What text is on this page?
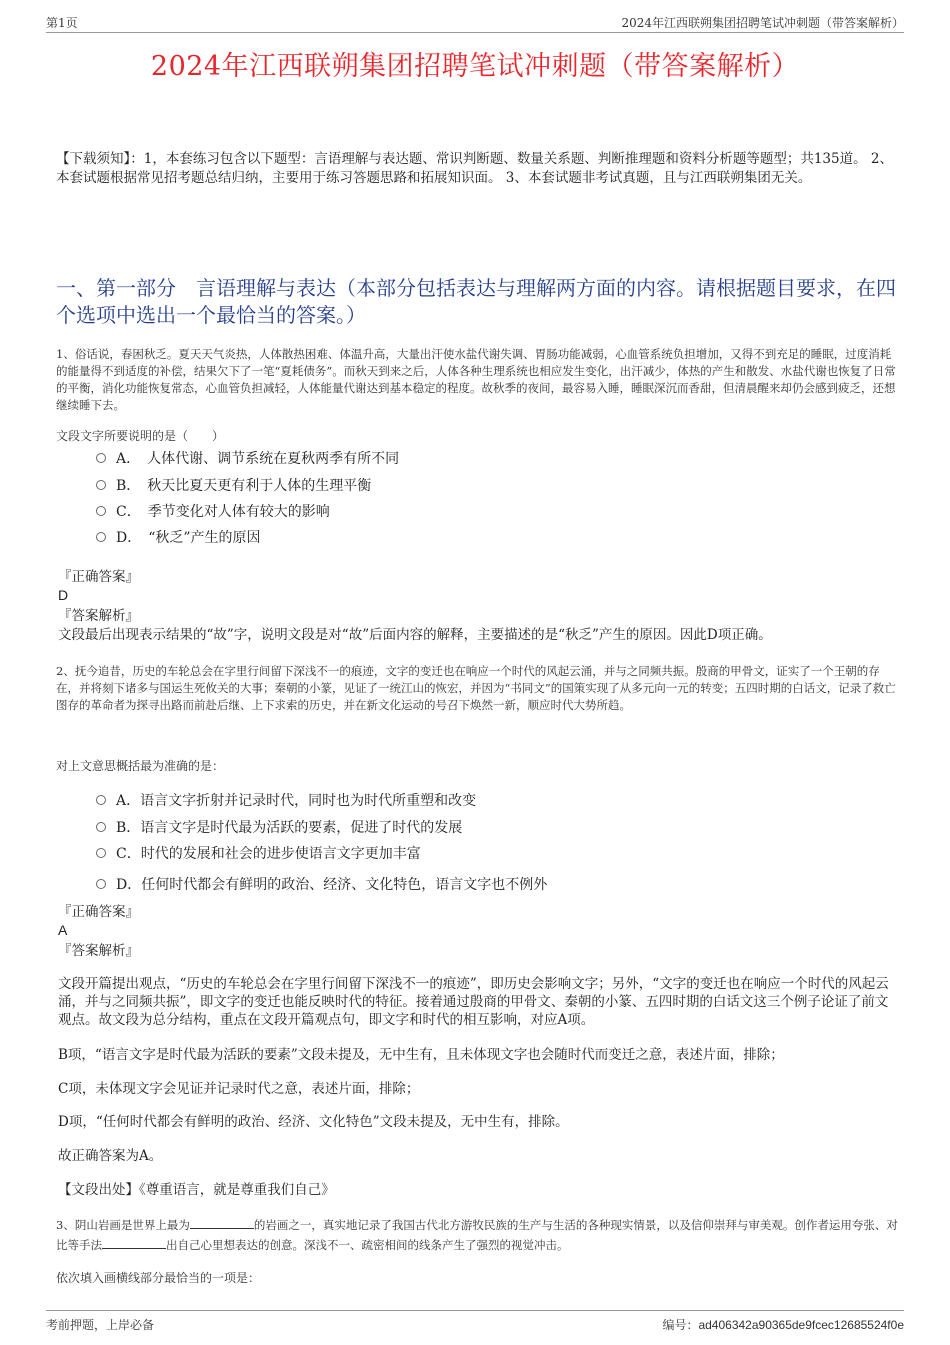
第1页	2024年江西联朔集团招聘笔试冲刺题（带答案解析）
2024年江西联朔集团招聘笔试冲刺题（带答案解析）
【下载须知】：1，本套练习包含以下题型：言语理解与表达题、常识判断题、数量关系题、判断推理题和资料分析题等题型；共135道。 2、本套试题根据常见招考题总结归纳，主要用于练习答题思路和拓展知识面。 3、本套试题非考试真题，且与江西联朔集团无关。
一、第一部分　言语理解与表达（本部分包括表达与理解两方面的内容。请根据题目要求，在四个选项中选出一个最恰当的答案。）
1、俗话说，春困秋乏。夏天天气炎热，人体散热困难、体温升高，大量出汗使水盐代谢失调、胃肠功能减弱，心血管系统负担增加，又得不到充足的睡眠，过度消耗的能量得不到适度的补偿，结果欠下了一笔“夏耗债务”。而秋天到来之后，人体各种生理系统也相应发生变化，出汗减少，体热的产生和散发、水盐代谢也恢复了日常的平衡，消化功能恢复常态，心血管负担减轻，人体能量代谢达到基本稳定的程度。故秋季的夜间，最容易入睡，睡眠深沉而香甜，但清晨醒来却仍会感到疲乏，还想继续睡下去。
文段文字所要说明的是（　　）
A．　人体代谢、调节系统在夏秋两季有所不同
B．　秋天比夏天更有利于人体的生理平衡
C．　季节变化对人体有较大的影响
D．　“秋乏”产生的原因
『正确答案』
D
『答案解析』
文段最后出现表示结果的“故”字，说明文段是对“故”后面内容的解释，主要描述的是“秋乏”产生的原因。因此D项正确。
2、抚今追昔，历史的车轮总会在字里行间留下深浅不一的痕迹，文字的变迁也在响应一个时代的风起云涌，并与之同频共振。殷商的甲骨文，证实了一个王朝的存在，并将刻下诸多与国运生死攸关的大事；秦朝的小篆，见证了一统江山的恢宏，并因为“书同文”的国策实现了从多元向一元的转变；五四时期的白话文，记录了救亡图存的革命者为探寻出路而前赴后继、上下求索的历史，并在新文化运动的号召下焕然一新，顺应时代大势所趋。
对上文意思概括最为准确的是：
A．语言文字折射并记录时代，同时也为时代所重塑和改变
B．语言文字是时代最为活跃的要素，促进了时代的发展
C．时代的发展和社会的进步使语言文字更加丰富
D．任何时代都会有鲜明的政治、经济、文化特色，语言文字也不例外
『正确答案』
A
『答案解析』
文段开篇提出观点，“历史的车轮总会在字里行间留下深浅不一的痕迹”，即历史会影响文字；另外，“文字的变迁也在响应一个时代的风起云涌，并与之同频共振”，即文字的变迁也能反映时代的特征。接着通过殷商的甲骨文、秦朝的小篆、五四时期的白话文这三个例子论证了前文观点。故文段为总分结构，重点在文段开篇观点句，即文字和时代的相互影响，对应A项。
B项，“语言文字是时代最为活跃的要素”文段未提及，无中生有，且未体现文字也会随时代而变迁之意，表述片面，排除；
C项，未体现文字会见证并记录时代之意，表述片面，排除；
D项，“任何时代都会有鲜明的政治、经济、文化特色”文段未提及，无中生有，排除。
故正确答案为A。
【文段出处】《尊重语言，就是尊重我们自己》
3、阴山岩画是世界上最为	的岩画之一，真实地记录了我国古代北方游牧民族的生产与生活的各种现实情景，以及信仰崇拜与审美观。创作者运用夸张、对比等手法	出自己心里想表达的创意。深浅不一、疏密相间的线条产生了强烈的视觉冲击。
依次填入画横线部分最恰当的一项是：
考前押题，上岸必备	编号：ad406342a90365de9fcec12685524f0e
